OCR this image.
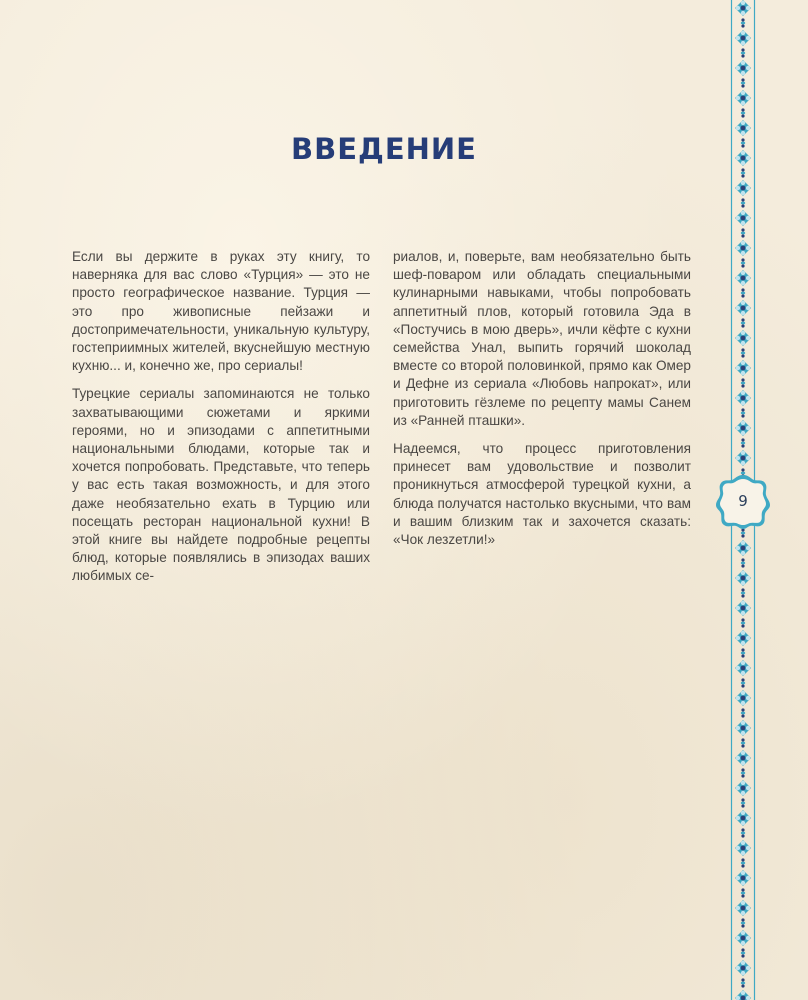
ВВЕДЕНИЕ

Если вы держите в руках эту книгу, то наверняка для вас слово «Турция» — это не просто географическое название. Турция — это про живописные пейзажи и достопримечательности, уникальную культуру, гостеприимных жителей, вкуснейшую местную кухню... и, конечно же, про сериалы!

Турецкие сериалы запоминаются не только захватывающими сюжетами и яркими героями, но и эпизодами с аппетитными национальными блюдами, которые так и хочется попробовать. Представьте, что теперь у вас есть такая возможность, и для этого даже необязательно ехать в Турцию или посещать ресторан национальной кухни! В этой книге вы найдете подробные рецепты блюд, которые появлялись в эпизодах ваших любимых се-

риалов, и, поверьте, вам необязательно быть шеф-поваром или обладать специальными кулинарными навыками, чтобы попробовать аппетитный плов, который готовила Эда в «Постучись в мою дверь», ичли кёфте с кухни семейства Унал, выпить горячий шоколад вместе со второй половинкой, прямо как Омер и Дефне из сериала «Любовь напрокат», или приготовить гёзлеме по рецепту мамы Санем из «Ранней пташки».

Надеемся, что процесс приготовления принесет вам удовольствие и позволит проникнуться атмосферой турецкой кухни, а блюда получатся настолько вкусными, что вам и вашим близким так и захочется сказать: «Чок лезzетли!»

9
